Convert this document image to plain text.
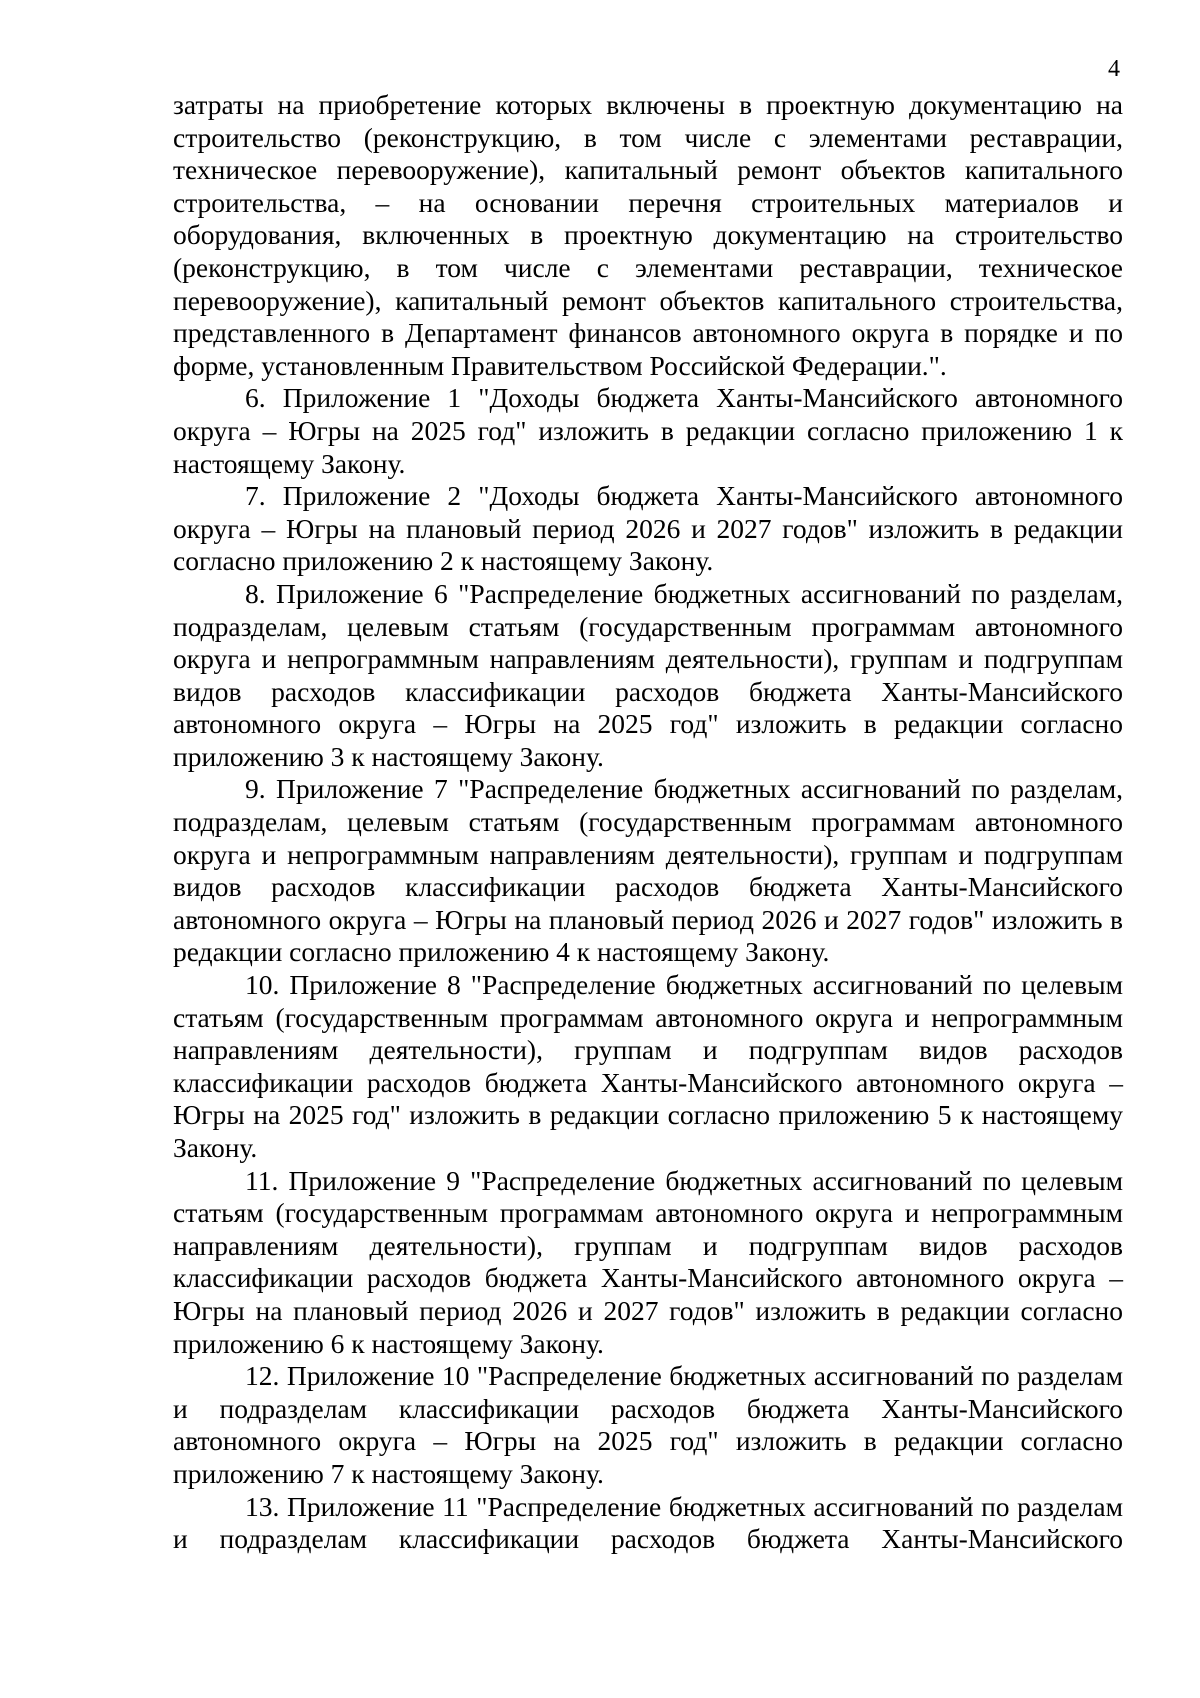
4

затраты на приобретение которых включены в проектную документацию на строительство (реконструкцию, в том числе с элементами реставрации, техническое перевооружение), капитальный ремонт объектов капитального строительства, – на основании перечня строительных материалов и оборудования, включенных в проектную документацию на строительство (реконструкцию, в том числе с элементами реставрации, техническое перевооружение), капитальный ремонт объектов капитального строительства, представленного в Департамент финансов автономного округа в порядке и по форме, установленным Правительством Российской Федерации.".

6. Приложение 1 "Доходы бюджета Ханты-Мансийского автономного округа – Югры на 2025 год" изложить в редакции согласно приложению 1 к настоящему Закону.

7. Приложение 2 "Доходы бюджета Ханты-Мансийского автономного округа – Югры на плановый период 2026 и 2027 годов" изложить в редакции согласно приложению 2 к настоящему Закону.

8. Приложение 6 "Распределение бюджетных ассигнований по разделам, подразделам, целевым статьям (государственным программам автономного округа и непрограммным направлениям деятельности), группам и подгруппам видов расходов классификации расходов бюджета Ханты-Мансийского автономного округа – Югры на 2025 год" изложить в редакции согласно приложению 3 к настоящему Закону.

9. Приложение 7 "Распределение бюджетных ассигнований по разделам, подразделам, целевым статьям (государственным программам автономного округа и непрограммным направлениям деятельности), группам и подгруппам видов расходов классификации расходов бюджета Ханты-Мансийского автономного округа – Югры на плановый период 2026 и 2027 годов" изложить в редакции согласно приложению 4 к настоящему Закону.

10. Приложение 8 "Распределение бюджетных ассигнований по целевым статьям (государственным программам автономного округа и непрограммным направлениям деятельности), группам и подгруппам видов расходов классификации расходов бюджета Ханты-Мансийского автономного округа – Югры на 2025 год" изложить в редакции согласно приложению 5 к настоящему Закону.

11. Приложение 9 "Распределение бюджетных ассигнований по целевым статьям (государственным программам автономного округа и непрограммным направлениям деятельности), группам и подгруппам видов расходов классификации расходов бюджета Ханты-Мансийского автономного округа – Югры на плановый период 2026 и 2027 годов" изложить в редакции согласно приложению 6 к настоящему Закону.

12. Приложение 10 "Распределение бюджетных ассигнований по разделам и подразделам классификации расходов бюджета Ханты-Мансийского автономного округа – Югры на 2025 год" изложить в редакции согласно приложению 7 к настоящему Закону.

13. Приложение 11 "Распределение бюджетных ассигнований по разделам и подразделам классификации расходов бюджета Ханты-Мансийского
